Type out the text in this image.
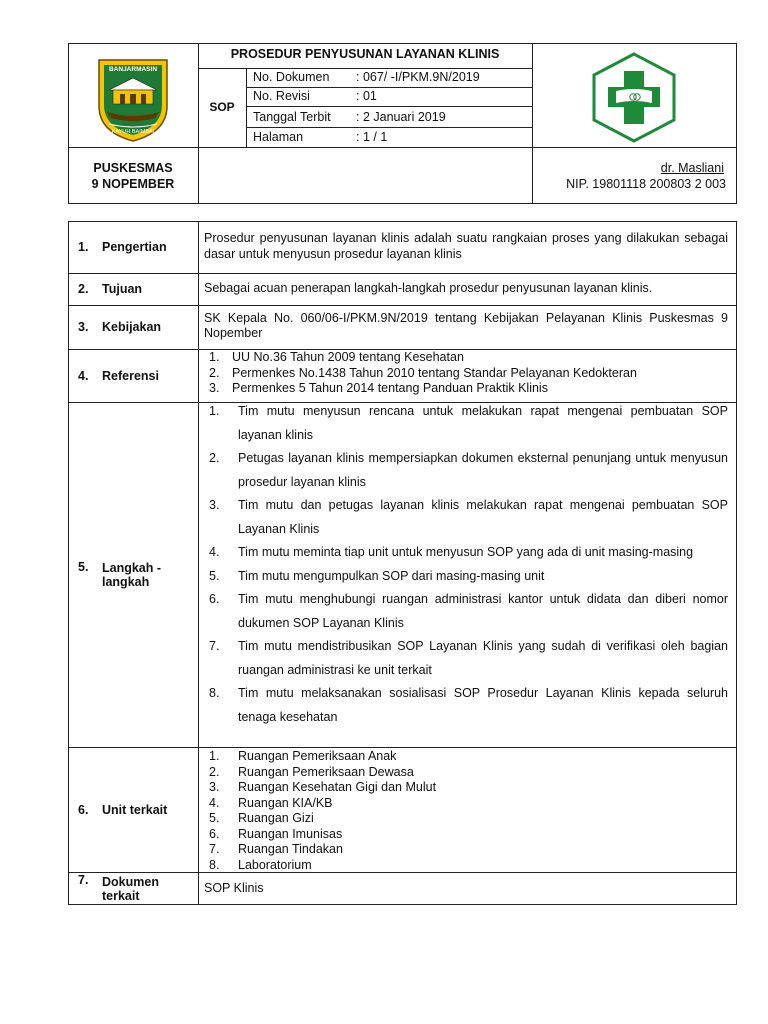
BANJARMASIN
KAYUH BAIMBAI
PROSEDUR PENYUSUNAN LAYANAN KLINIS
SOP
No. Dokumen : 067/ -I/PKM.9N/2019
No. Revisi	: 01
Tanggal Terbit : 2 Januari 2019
Halaman	: 1 / 1
PUSKESMAS
9 NOPEMBER
dr. Masliani
NIP. 19801118 200803 2 003
1.	Pengertian
Prosedur penyusunan layanan klinis adalah suatu rangkaian proses yang dilakukan sebagai dasar untuk menyusun prosedur layanan klinis
2.	Tujuan	Sebagai acuan penerapan langkah-langkah prosedur penyusunan layanan klinis.
3.	Kebijakan
SK Kepala No. 060/06-I/PKM.9N/2019 tentang Kebijakan Pelayanan Klinis Puskesmas 9 Nopember
4.	Referensi
1.	UU No.36 Tahun 2009 tentang Kesehatan
2.	Permenkes No.1438 Tahun 2010 tentang Standar Pelayanan Kedokteran
3.	Permenkes 5 Tahun 2014 tentang Panduan Praktik Klinis
5.	Langkah -
langkah
1.	Tim mutu menyusun rencana untuk melakukan rapat mengenai pembuatan SOP layanan klinis
2.	Petugas layanan klinis mempersiapkan dokumen eksternal penunjang untuk menyusun prosedur layanan klinis
3.	Tim mutu dan petugas layanan klinis melakukan rapat mengenai pembuatan SOP Layanan Klinis
4.	Tim mutu meminta tiap unit untuk menyusun SOP yang ada di unit masing-masing
5.	Tim mutu mengumpulkan SOP dari masing-masing unit
6.	Tim mutu menghubungi ruangan administrasi kantor untuk didata dan diberi nomor dukumen SOP Layanan Klinis
7.	Tim mutu mendistribusikan SOP Layanan Klinis yang sudah di verifikasi oleh bagian ruangan administrasi ke unit terkait
8.	Tim mutu melaksanakan sosialisasi SOP Prosedur Layanan Klinis kepada seluruh tenaga kesehatan
6.	Unit terkait
1.	Ruangan Pemeriksaan Anak
2.	Ruangan Pemeriksaan Dewasa
3.	Ruangan Kesehatan Gigi dan Mulut
4.	Ruangan KIA/KB
5.	Ruangan Gizi
6.	Ruangan Imunisas
7.	Ruangan Tindakan
8.	Laboratorium
7.	Dokumen
terkait
SOP Klinis
